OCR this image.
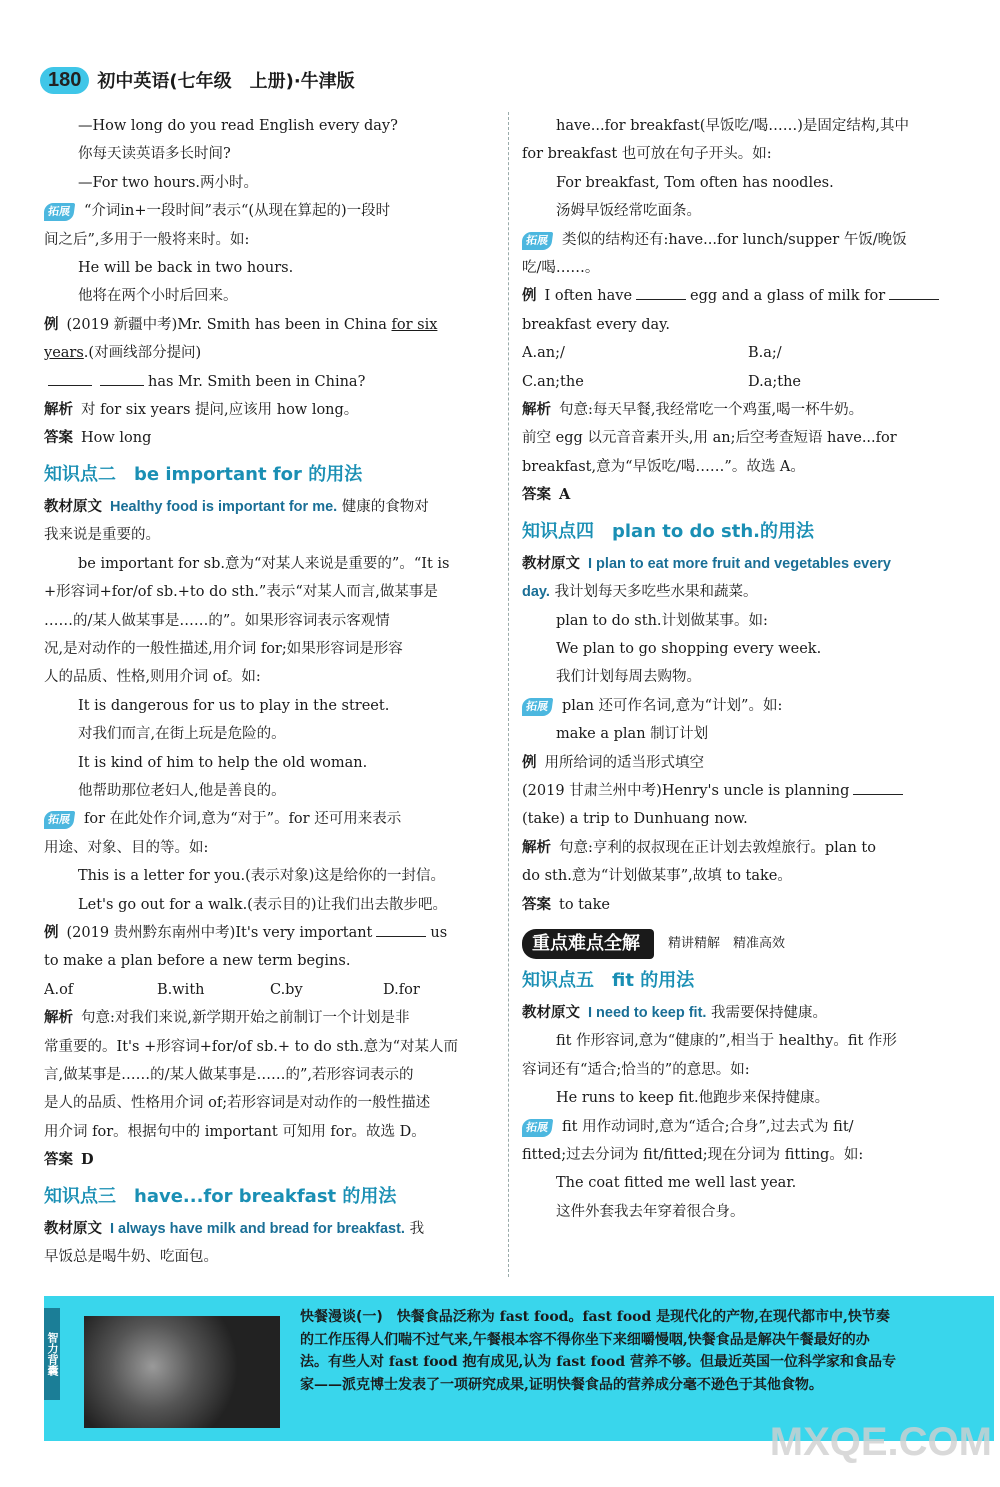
180 初中英语(七年级　上册)·牛津版
—How long do you read English every day?
你每天读英语多长时间?
—For two hours.两小时。
拓展 “介词in+一段时间”表示“(从现在算起的)一段时
间之后”,多用于一般将来时。如:
He will be back in two hours.
他将在两个小时后回来。
例 (2019 新疆中考)Mr. Smith has been in China for six
years.(对画线部分提问)
has Mr. Smith been in China?
解析 对 for six years 提问,应该用 how long。
答案 How long
知识点二　be important for 的用法
教材原文 Healthy food is important for me. 健康的食物对
我来说是重要的。
be important for sb.意为“对某人来说是重要的”。“It is
+形容词+for/of sb.+to do sth.”表示“对某人而言,做某事是
……的/某人做某事是……的”。如果形容词表示客观情
况,是对动作的一般性描述,用介词 for;如果形容词是形容
人的品质、性格,则用介词 of。如:
It is dangerous for us to play in the street.
对我们而言,在街上玩是危险的。
It is kind of him to help the old woman.
他帮助那位老妇人,他是善良的。
拓展 for 在此处作介词,意为“对于”。for 还可用来表示
用途、对象、目的等。如:
This is a letter for you.(表示对象)这是给你的一封信。
Let's go out for a walk.(表示目的)让我们出去散步吧。
例 (2019 贵州黔东南州中考)It's very important	us
to make a plan before a new term begins.
A.of	B.with	C.by	D.for
解析 句意:对我们来说,新学期开始之前制订一个计划是非
常重要的。It's +形容词+for/of sb.+ to do sth.意为“对某人而
言,做某事是……的/某人做某事是……的”,若形容词表示的
是人的品质、性格用介词 of;若形容词是对动作的一般性描述
用介词 for。根据句中的 important 可知用 for。故选 D。
答案 D
知识点三　have...for breakfast 的用法
教材原文 I always have milk and bread for breakfast. 我
早饭总是喝牛奶、吃面包。
have...for breakfast(早饭吃/喝……)是固定结构,其中
for breakfast 也可放在句子开头。如:
For breakfast, Tom often has noodles.
汤姆早饭经常吃面条。
拓展 类似的结构还有:have...for lunch/supper 午饭/晚饭
吃/喝……。
例 I often have	egg and a glass of milk for
breakfast every day.
A.an;/	B.a;/
C.an;the	D.a;the
解析 句意:每天早餐,我经常吃一个鸡蛋,喝一杯牛奶。
前空 egg 以元音音素开头,用 an;后空考查短语 have...for
breakfast,意为“早饭吃/喝……”。故选 A。
答案 A
知识点四　plan to do sth.的用法
教材原文 I plan to eat more fruit and vegetables every
day. 我计划每天多吃些水果和蔬菜。
plan to do sth.计划做某事。如:
We plan to go shopping every week.
我们计划每周去购物。
拓展 plan 还可作名词,意为“计划”。如:
make a plan 制订计划
例 用所给词的适当形式填空
(2019 甘肃兰州中考)Henry's uncle is planning
(take) a trip to Dunhuang now.
解析 句意:亨利的叔叔现在正计划去敦煌旅行。plan to
do sth.意为“计划做某事”,故填 to take。
答案 to take
重点难点全解	精讲精解　精准高效
知识点五　fit 的用法
教材原文 I need to keep fit. 我需要保持健康。
fit 作形容词,意为“健康的”,相当于 healthy。fit 作形
容词还有“适合;恰当的”的意思。如:
He runs to keep fit.他跑步来保持健康。
拓展 fit 用作动词时,意为“适合;合身”,过去式为 fit/
fitted;过去分词为 fit/fitted;现在分词为 fitting。如:
The coat fitted me well last year.
这件外套我去年穿着很合身。
智力背囊
快餐漫谈(一)　 快餐食品泛称为 fast food。fast food 是现代化的产物,在现代都市中,快节奏
的工作压得人们喘不过气来,午餐根本容不得你坐下来细嚼慢咽,快餐食品是解决午餐最好的办
法。有些人对 fast food 抱有成见,认为 fast food 营养不够。但最近英国一位科学家和食品专
家——派克博士发表了一项研究成果,证明快餐食品的营养成分毫不逊色于其他食物。
MXQE.COM
